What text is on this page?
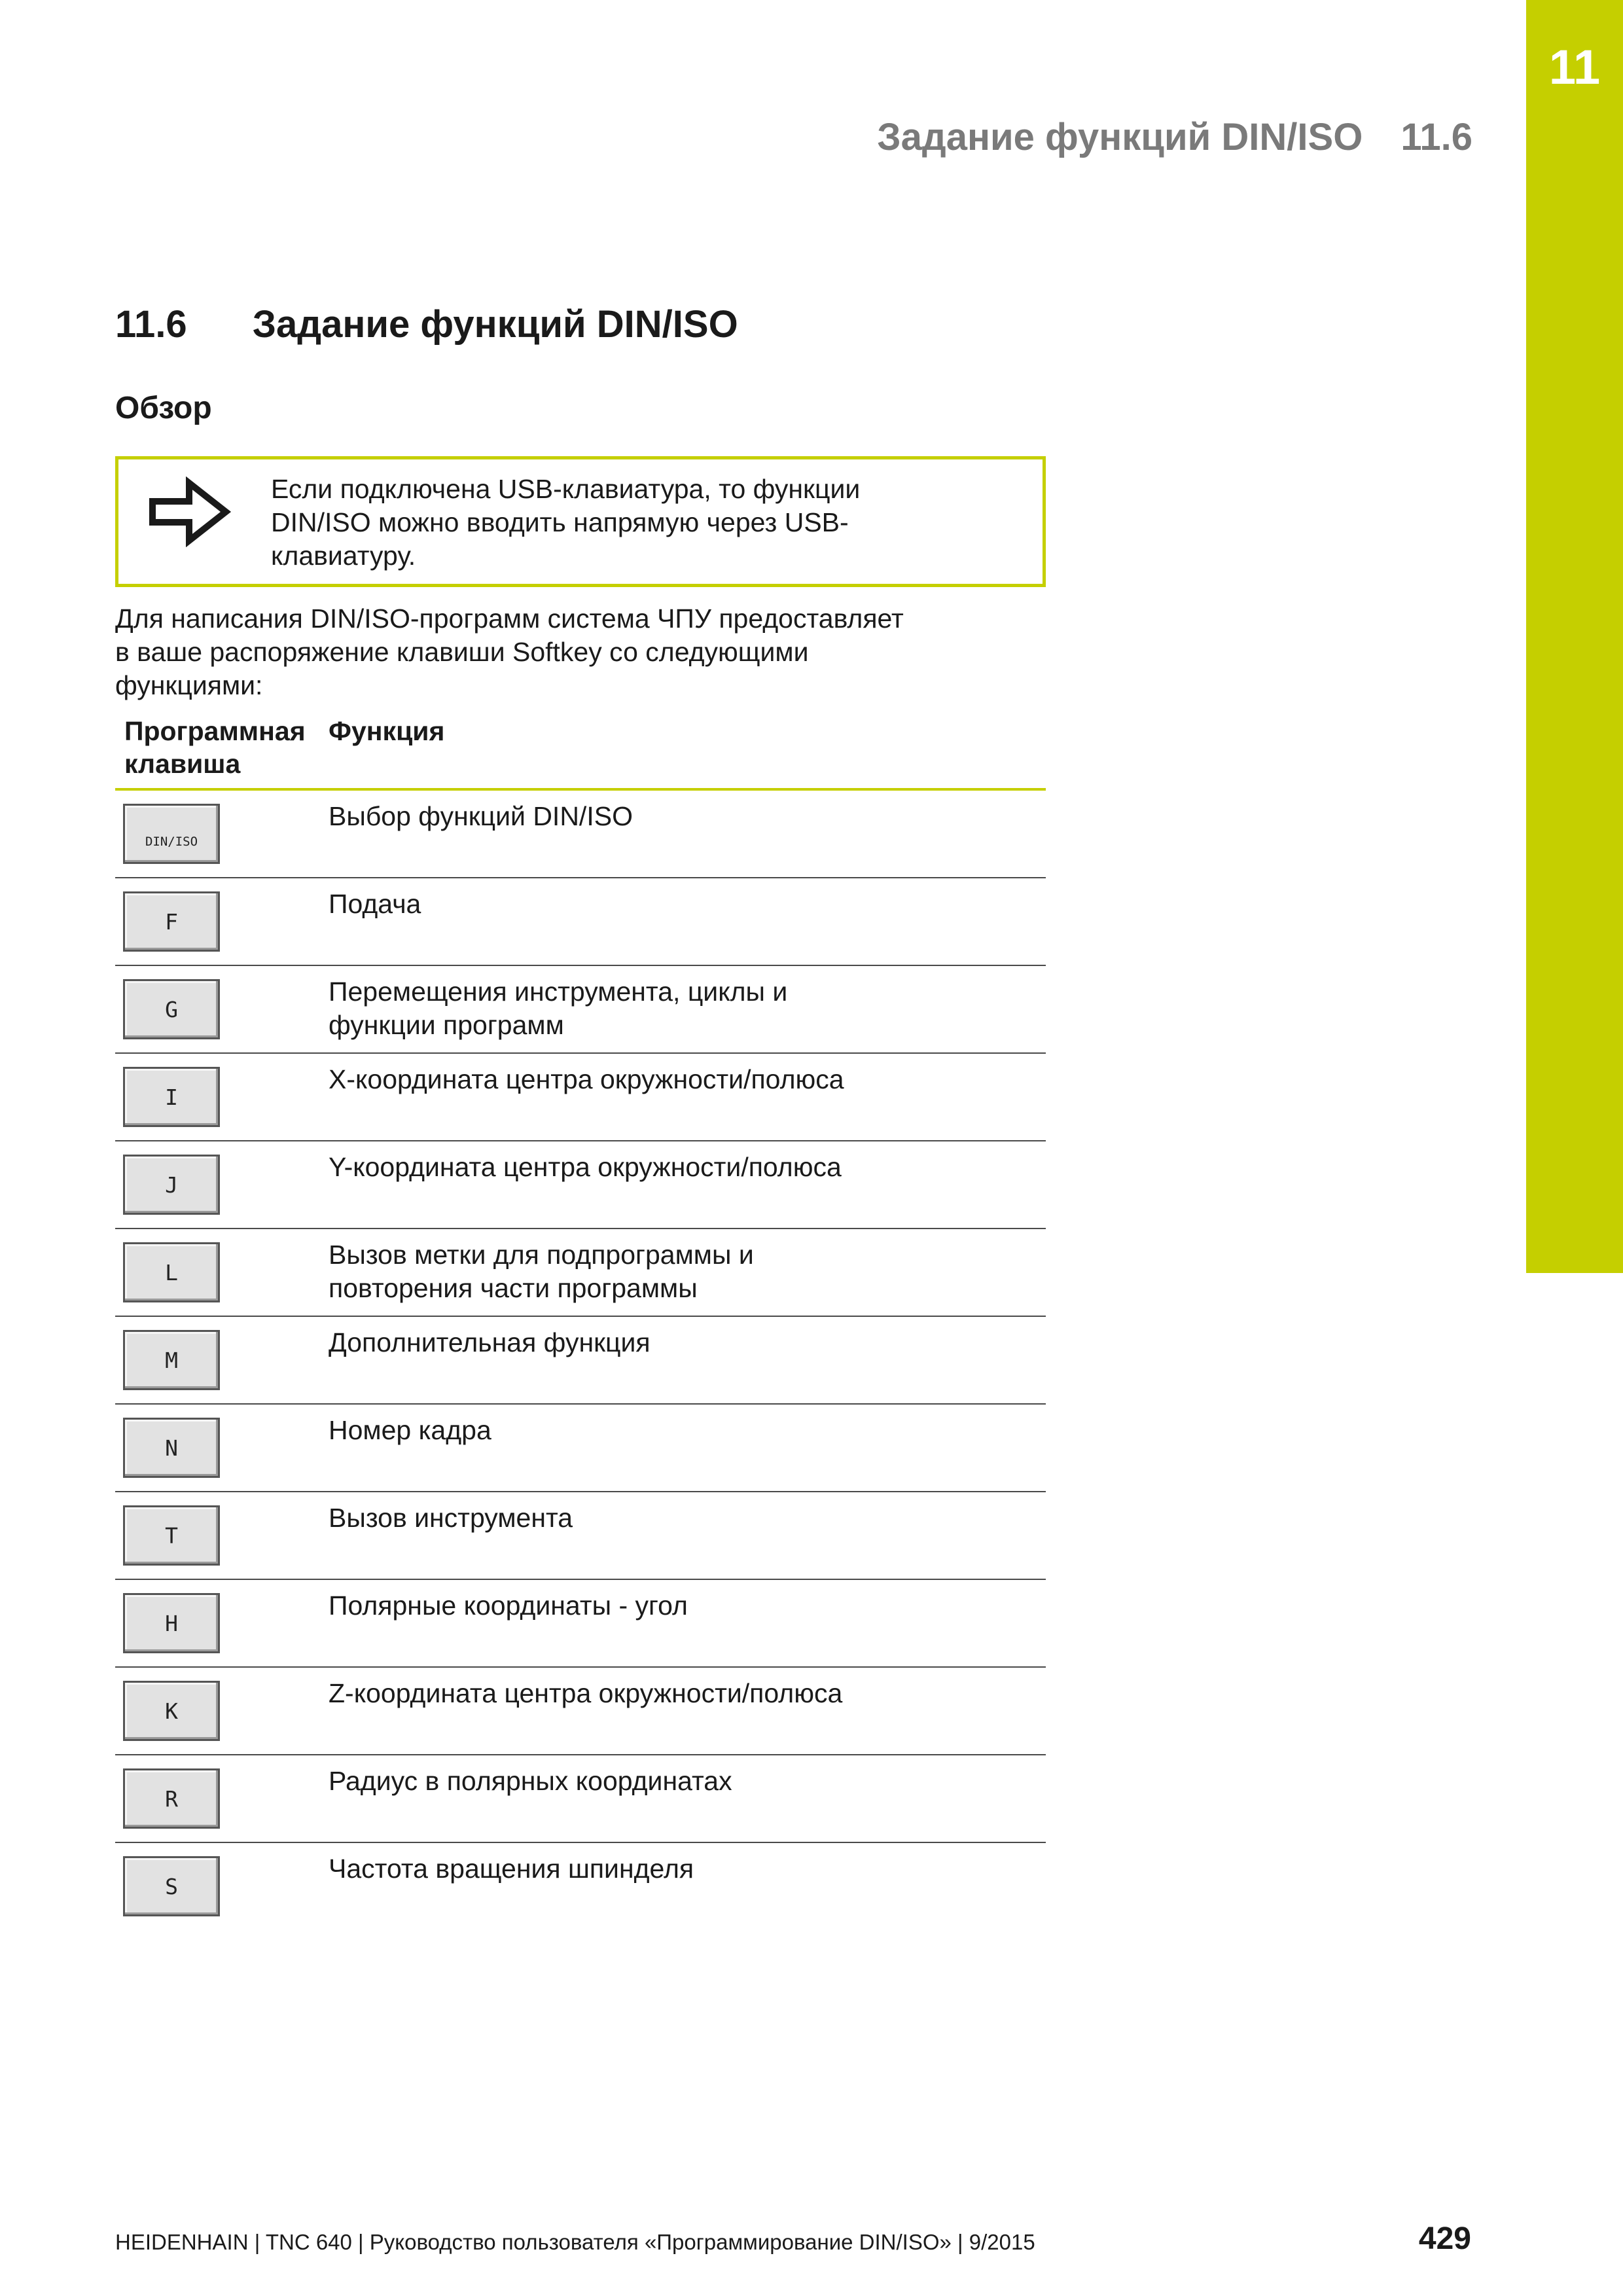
11
Задание функций DIN/ISO 11.6
11.6 Задание функций DIN/ISO
Обзор
Если подключена USB-клавиатура, то функции
DIN/ISO можно вводить напрямую через USB-
клавиатуру.
Для написания DIN/ISO-программ система ЧПУ предоставляет
в ваше распоряжение клавиши Softkey со следующими
функциями:
Программная
клавиша
Функция
DIN/ISO
Выбор функций DIN/ISO
F
Подача
G
Перемещения инструмента, циклы и
функции программ
I
X-координата центра окружности/полюса
J
Y-координата центра окружности/полюса
L
Вызов метки для подпрограммы и
повторения части программы
M
Дополнительная функция
N
Номер кадра
T
Вызов инструмента
H
Полярные координаты - угол
K
Z-координата центра окружности/полюса
R
Радиус в полярных координатах
S
Частота вращения шпинделя
HEIDENHAIN | TNC 640 | Руководство пользователя «Программирование DIN/ISO» | 9/2015	429
